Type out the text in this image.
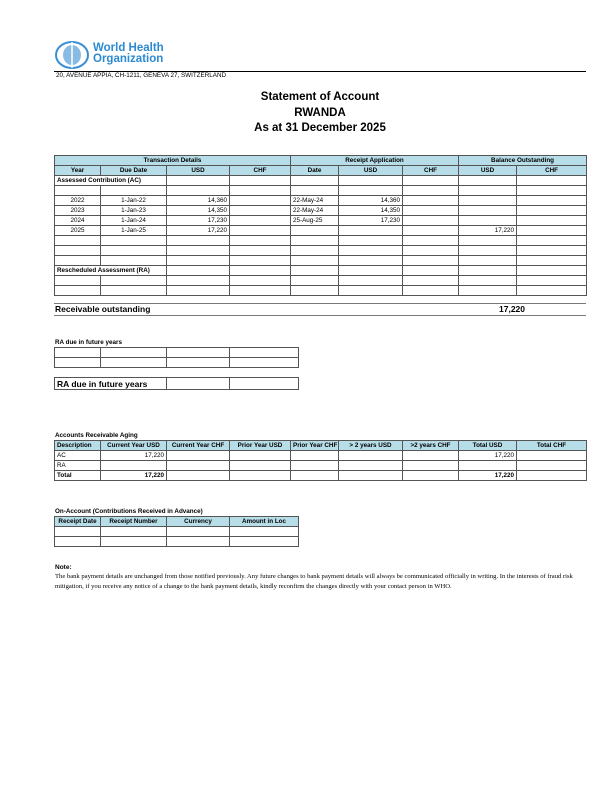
World Health
Organization
20, AVENUE APPIA, CH-1211, GENEVA 27, SWITZERLAND
Statement of Account
RWANDA
As at 31 December 2025
Transaction Details				Receipt Application			Balance Outstanding	
Year	Due Date	USD	CHF	Date	USD	CHF	USD	CHF
Assessed Contribution (AC)								

2022	1-Jan-22	14,360		22-May-24	14,360			
2023	1-Jan-23	14,350		22-May-24	14,350			
2024	1-Jan-24	17,230		25-Aug-25	17,230			
2025	1-Jan-25	17,220					17,220	

Rescheduled Assessment (RA)								

Receivable outstanding	17,220
RA due in future years

RA due in future years		
Accounts Receivable Aging
Description	Current Year USD	Current Year CHF	Prior Year USD	Prior Year CHF	> 2 years USD	>2 years CHF	Total USD	Total CHF
AC	17,220						17,220	
RA								
Total	17,220						17,220	
On-Account (Contributions Received in Advance)
Receipt Date	Receipt Number	Currency	Amount in Loc

Note:
The bank payment details are unchanged from those notified previously. Any future changes to bank payment details will always be communicated officially in writing. In the interests of fraud risk mitigation, if you receive any notice of a change to the bank payment details, kindly reconfirm the changes directly with your contact person in WHO.
